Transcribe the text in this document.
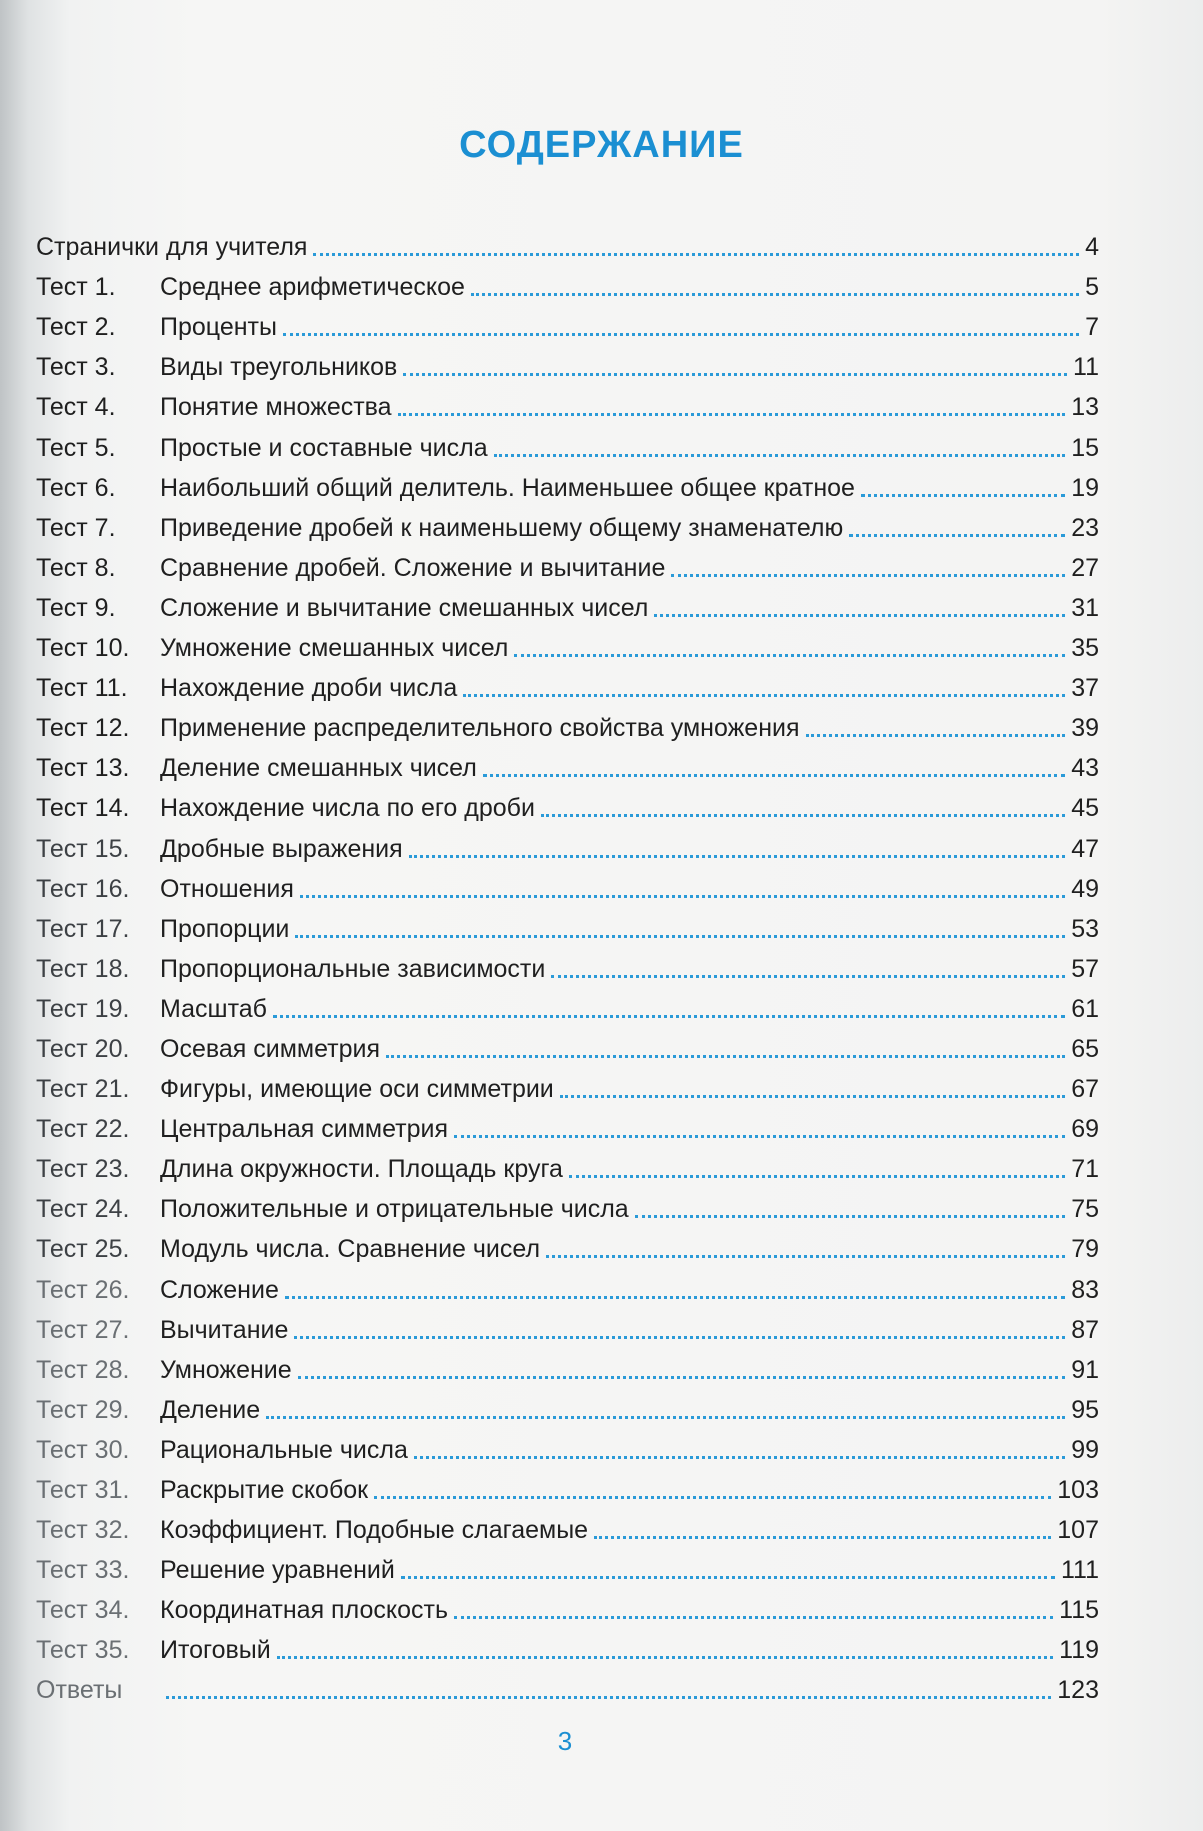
СОДЕРЖАНИЕ
Странички для учителя	4
Тест 1.	Среднее арифметическое	5
Тест 2.	Проценты	7
Тест 3.	Виды треугольников	11
Тест 4.	Понятие множества	13
Тест 5.	Простые и составные числа	15
Тест 6.	Наибольший общий делитель. Наименьшее общее кратное	19
Тест 7.	Приведение дробей к наименьшему общему знаменателю	23
Тест 8.	Сравнение дробей. Сложение и вычитание	27
Тест 9.	Сложение и вычитание смешанных чисел	31
Тест 10.	Умножение смешанных чисел	35
Тест 11.	Нахождение дроби числа	37
Тест 12.	Применение распределительного свойства умножения	39
Тест 13.	Деление смешанных чисел	43
Тест 14.	Нахождение числа по его дроби	45
Тест 15.	Дробные выражения	47
Тест 16.	Отношения	49
Тест 17.	Пропорции	53
Тест 18.	Пропорциональные зависимости	57
Тест 19.	Масштаб	61
Тест 20.	Осевая симметрия	65
Тест 21.	Фигуры, имеющие оси симметрии	67
Тест 22.	Центральная симметрия	69
Тест 23.	Длина окружности. Площадь круга	71
Тест 24.	Положительные и отрицательные числа	75
Тест 25.	Модуль числа. Сравнение чисел	79
Тест 26.	Сложение	83
Тест 27.	Вычитание	87
Тест 28.	Умножение	91
Тест 29.	Деление	95
Тест 30.	Рациональные числа	99
Тест 31.	Раскрытие скобок	103
Тест 32.	Коэффициент. Подобные слагаемые	107
Тест 33.	Решение уравнений	111
Тест 34.	Координатная плоскость	115
Тест 35.	Итоговый	119
Ответы	123
3
